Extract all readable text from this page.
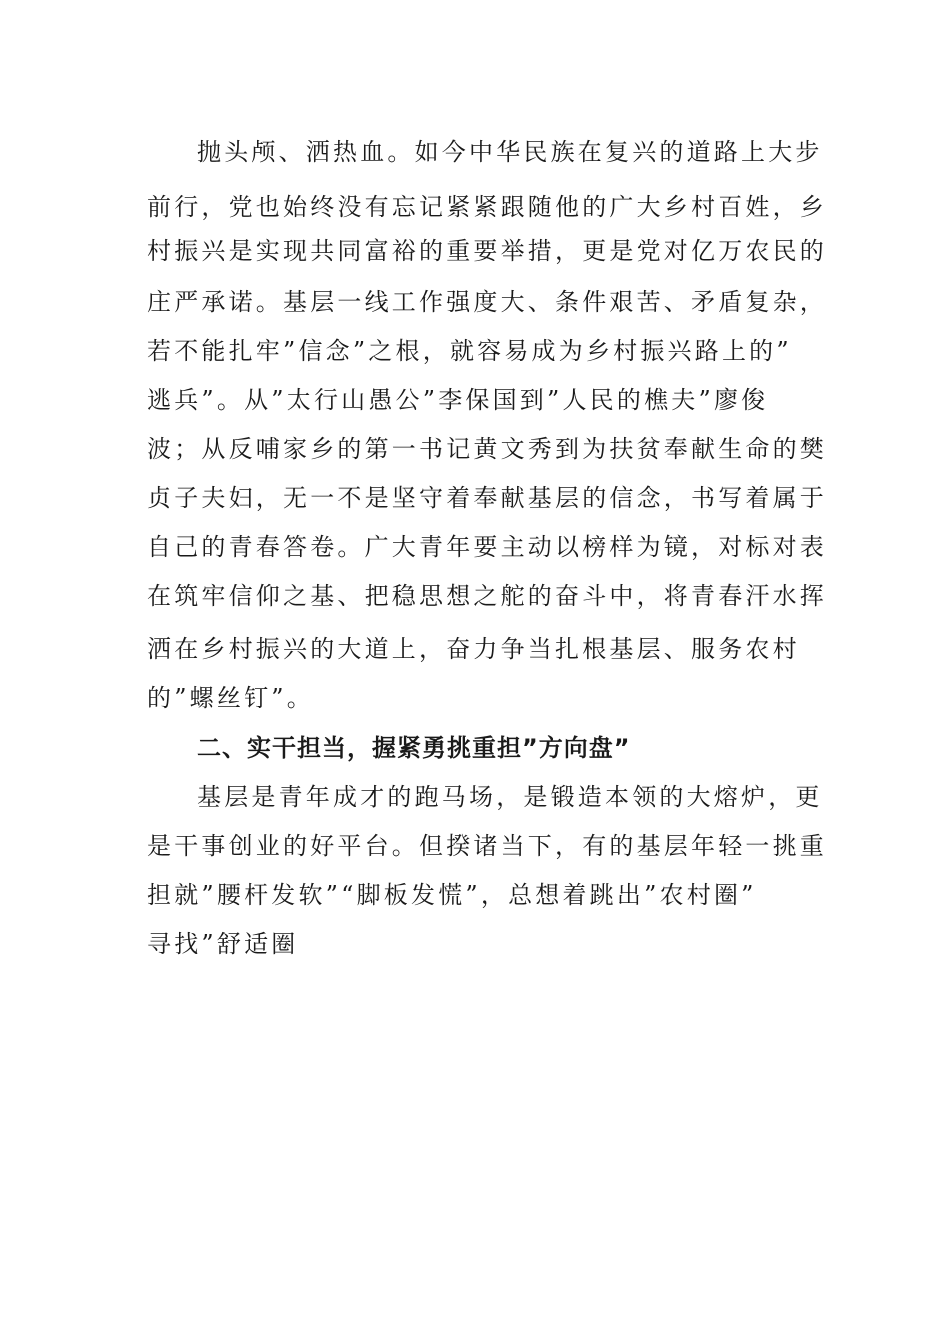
抛头颅、洒热血。如今中华民族在复兴的道路上大步
前行，党也始终没有忘记紧紧跟随他的广大乡村百姓，乡
村振兴是实现共同富裕的重要举措，更是党对亿万农民的
庄严承诺。基层一线工作强度大、条件艰苦、矛盾复杂，
若不能扎牢”信念”之根，就容易成为乡村振兴路上的”
逃兵”。从”太行山愚公”李保国到”人民的樵夫”廖俊
波；从反哺家乡的第一书记黄文秀到为扶贫奉献生命的樊
贞子夫妇，无一不是坚守着奉献基层的信念，书写着属于
自己的青春答卷。广大青年要主动以榜样为镜，对标对表
在筑牢信仰之基、把稳思想之舵的奋斗中，将青春汗水挥
洒在乡村振兴的大道上，奋力争当扎根基层、服务农村
的”螺丝钉”。
二、实干担当，握紧勇挑重担”方向盘”
基层是青年成才的跑马场，是锻造本领的大熔炉，更
是干事创业的好平台。但揆诸当下，有的基层年轻一挑重
担就”腰杆发软”“脚板发慌”，总想着跳出”农村圈”
寻找”舒适圈
